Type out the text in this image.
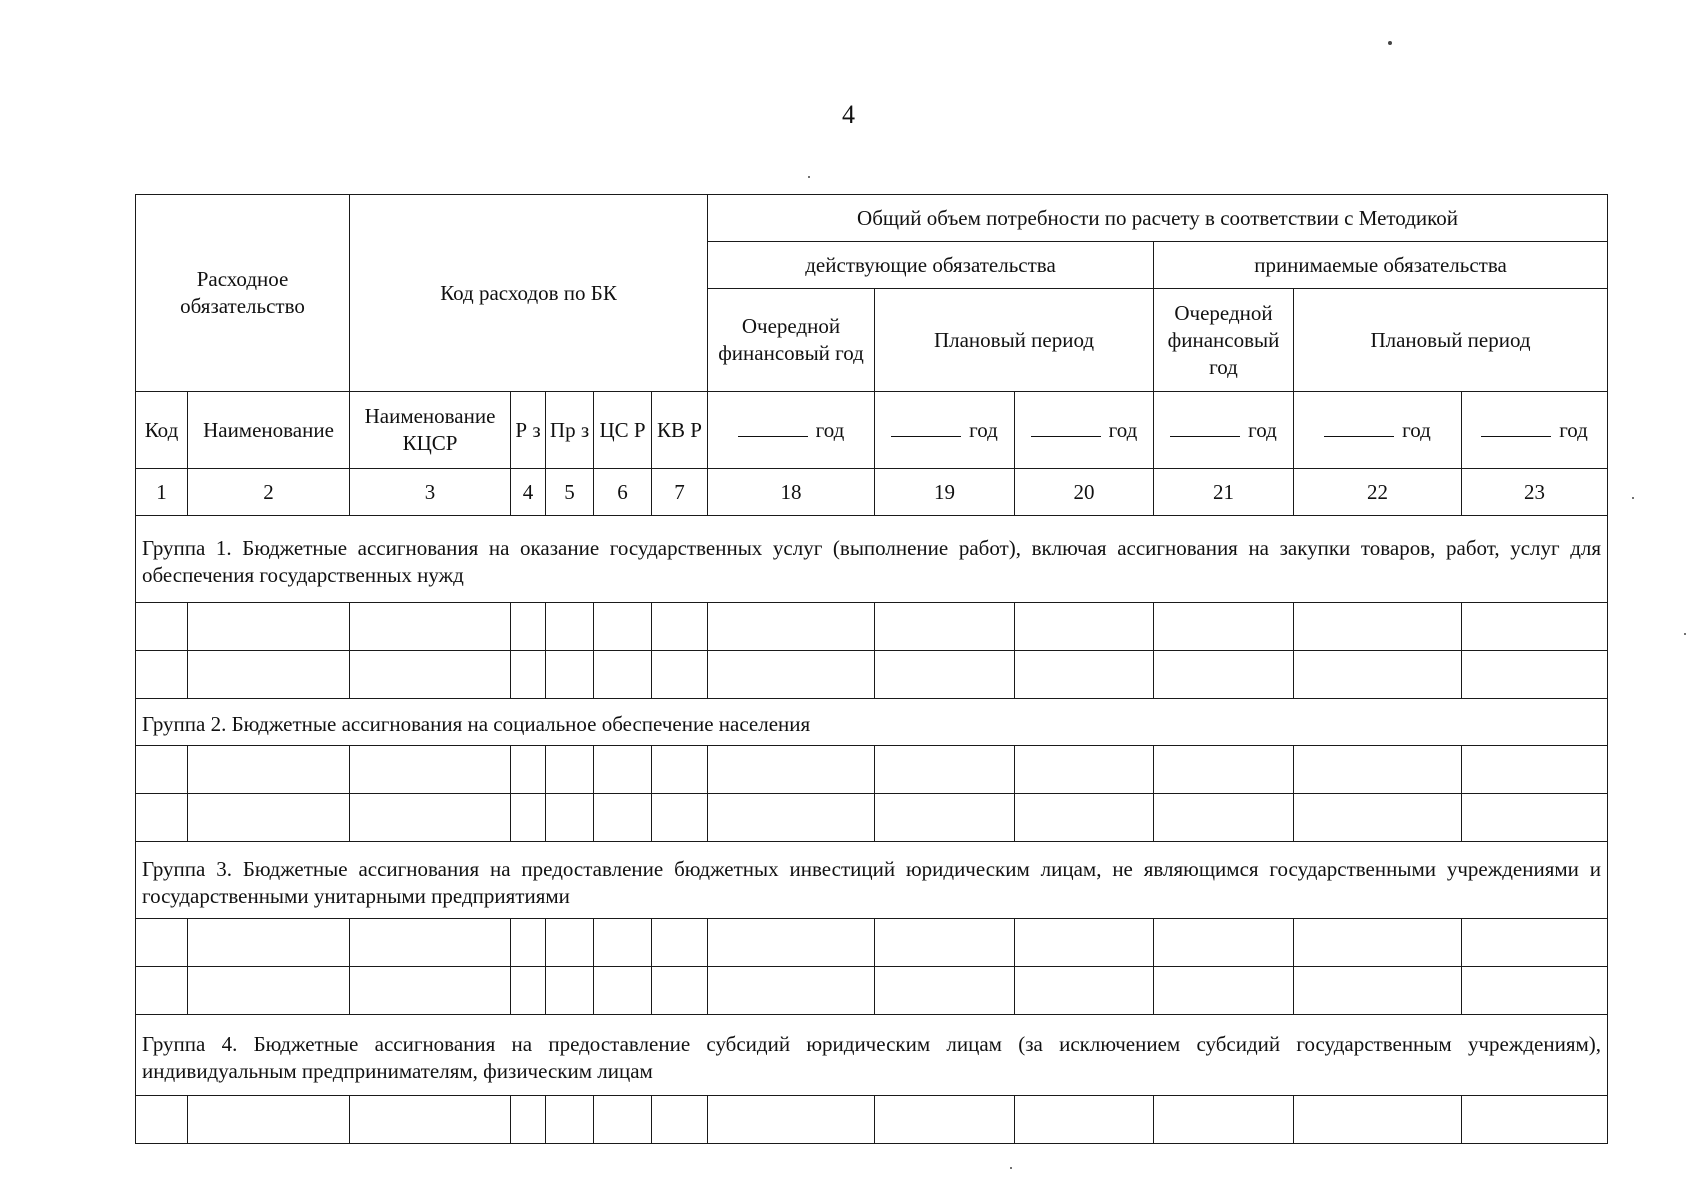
4
Расходное обязательство		Код расходов по БК					Общий объем потребности по расчету в соответствии с Методикой					
							действующие обязательства			принимаемые обязательства		
							Очередной финансовый год	Плановый период		Очередной финансовый год	Плановый период	
Код	Наименование	Наименование КЦСР	Р з	Пр з	ЦС Р	КВ Р	год	год	год	год	год	год
1	2	3	4	5	6	7	18	19	20	21	22	23
Группа 1. Бюджетные ассигнования на оказание государственных услуг (выполнение работ), включая ассигнования на закупки товаров, работ, услуг для обеспечения государственных нужд												

Группа 2. Бюджетные ассигнования на социальное обеспечение населения												

Группа 3. Бюджетные ассигнования на предоставление бюджетных инвестиций юридическим лицам, не являющимся государственными учреждениями и государственными унитарными предприятиями												

Группа 4. Бюджетные ассигнования на предоставление субсидий юридическим лицам (за исключением субсидий государственным учреждениям), индивидуальным предпринимателям, физическим лицам												
